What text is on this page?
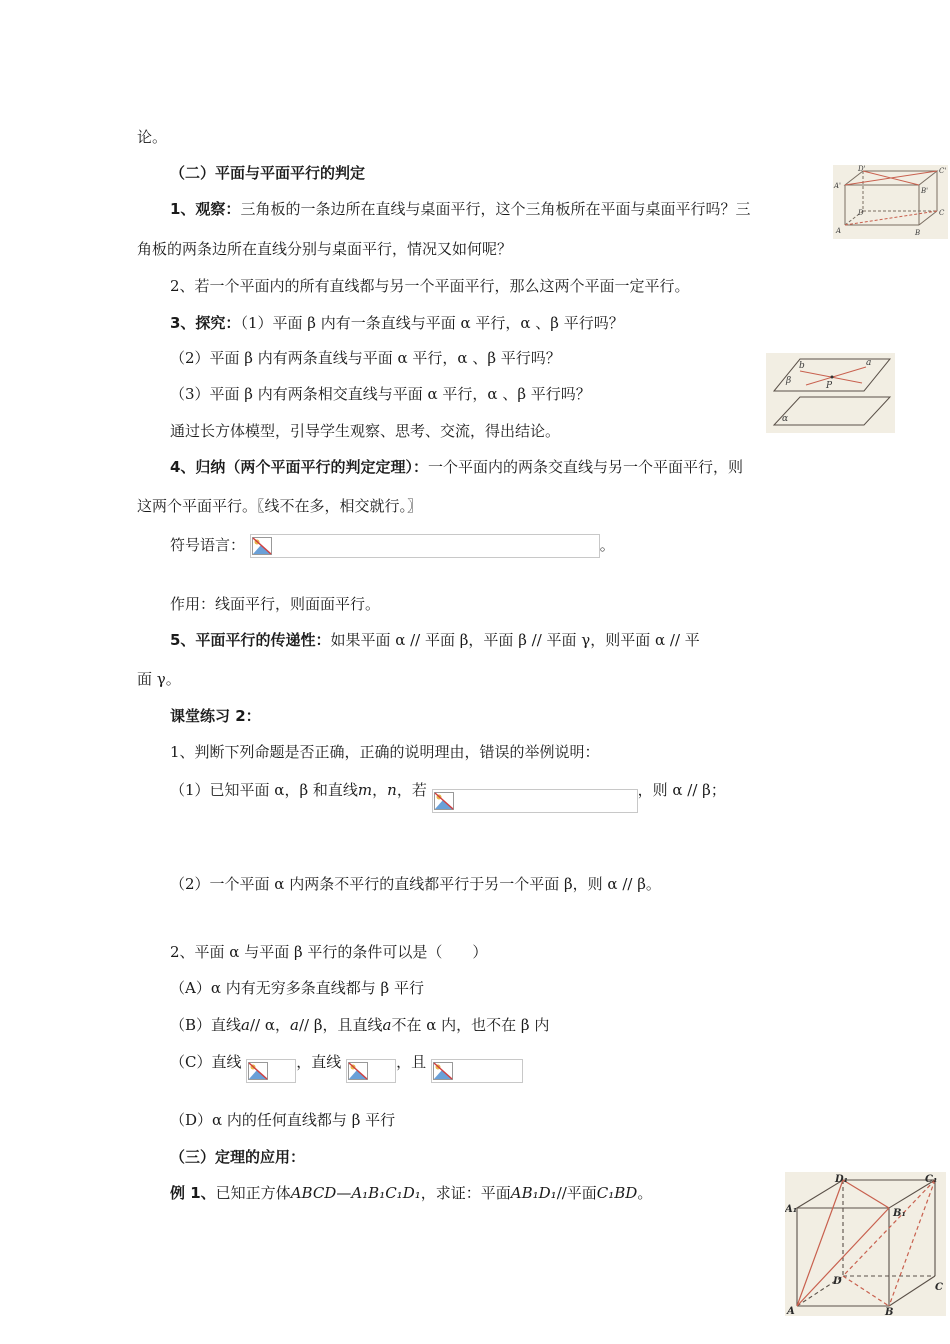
论。
（二）平面与平面平行的判定
1、观察：三角板的一条边所在直线与桌面平行，这个三角板所在平面与桌面平行吗？三
角板的两条边所在直线分别与桌面平行，情况又如何呢？
2、若一个平面内的所有直线都与另一个平面平行，那么这两个平面一定平行。
3、探究：（1）平面 β 内有一条直线与平面 α 平行，α 、β 平行吗？
（2）平面 β 内有两条直线与平面 α 平行，α 、β 平行吗？
（3）平面 β 内有两条相交直线与平面 α 平行，α 、β 平行吗？
通过长方体模型，引导学生观察、思考、交流，得出结论。
4、归纳（两个平面平行的判定定理）：一个平面内的两条交直线与另一个平面平行，则
这两个平面平行。〖线不在多，相交就行。〗
符号语言：	。
作用：线面平行，则面面平行。
5、平面平行的传递性：如果平面 α // 平面 β，平面 β // 平面 γ，则平面 α // 平
面 γ。
课堂练习 2：
1、判断下列命题是否正确，正确的说明理由，错误的举例说明：
（1）已知平面 α，β 和直线m，n，若	，则 α // β；
（2）一个平面 α 内两条不平行的直线都平行于另一个平面 β，则 α // β。
2、平面 α 与平面 β 平行的条件可以是（　　）
（A）α 内有无穷多条直线都与 β 平行
（B）直线a// α，a// β，且直线a不在 α 内，也不在 β 内
（C）直线	，直线	，且
（D）α 内的任何直线都与 β 平行
（三）定理的应用：
例 1、已知正方体ABCD—A₁B₁C₁D₁，求证：平面AB₁D₁//平面C₁BD。
A'
D'	C'
B'
D	C
A	B
β
b	a
P
α
D₁	C₁
A₁	B₁
D
C
A	B
